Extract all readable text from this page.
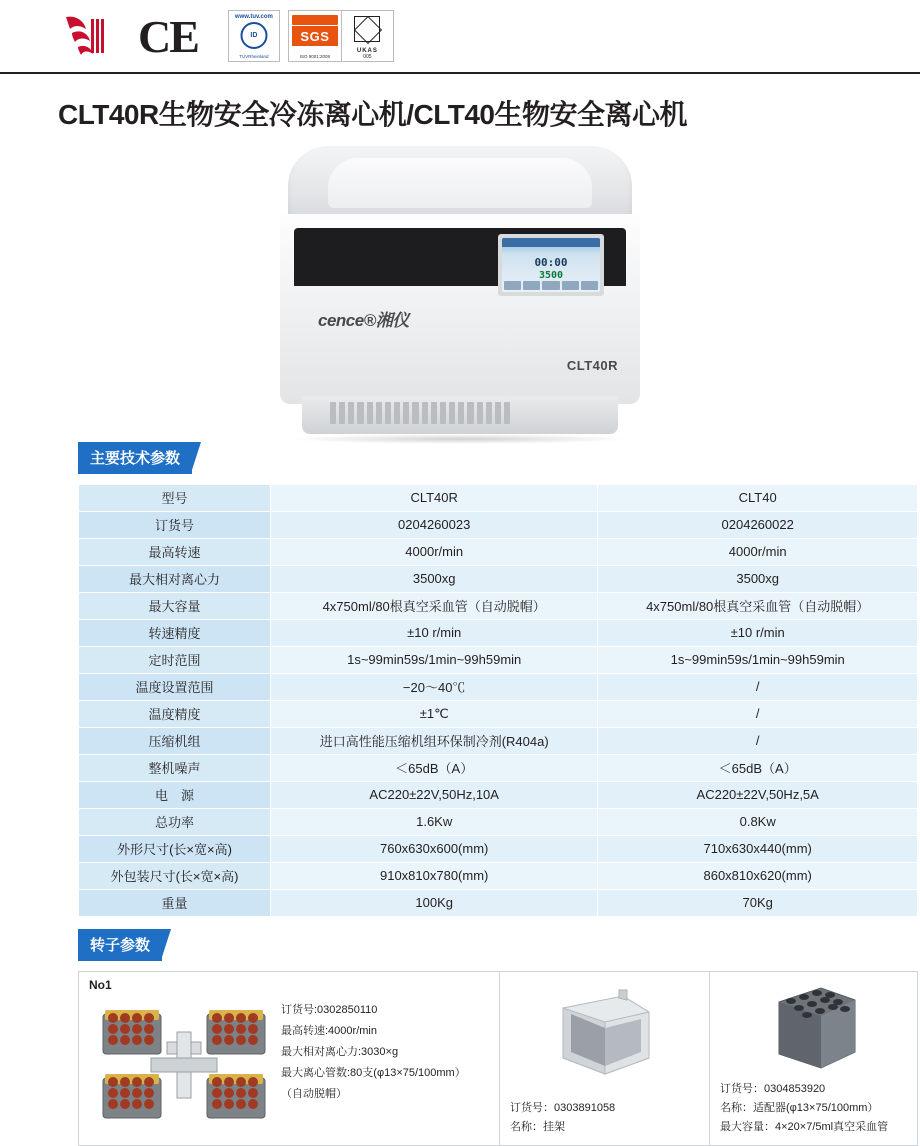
CE	www.tuv.com
ID
TUVRheinland
SGS
ISO 9001:2008
UKAS
005
CLT40R生物安全冷冻离心机/CLT40生物安全离心机
00:00
3500
cence®湘仪
CLT40R
主要技术参数
型号	CLT40R	CLT40
订货号	0204260023	0204260022
最高转速	4000r/min	4000r/min
最大相对离心力	3500xg	3500xg
最大容量	4x750ml/80根真空采血管（自动脱帽）	4x750ml/80根真空采血管（自动脱帽）
转速精度	±10 r/min	±10 r/min
定时范围	1s~99min59s/1min~99h59min	1s~99min59s/1min~99h59min
温度设置范围	−20～40℃	/
温度精度	±1℃	/
压缩机组	进口高性能压缩机组环保制冷剂(R404a)	/
整机噪声	＜65dB（A）	＜65dB（A）
电　源	AC220±22V,50Hz,10A	AC220±22V,50Hz,5A
总功率	1.6Kw	0.8Kw
外形尺寸(长×宽×高)	760x630x600(mm)	710x630x440(mm)
外包装尺寸(长×宽×高)	910x810x780(mm)	860x810x620(mm)
重量	100Kg	70Kg
转子参数
No1
订货号:0302850110
最高转速:4000r/min
最大相对离心力:3030×g
最大离心管数:80支(φ13×75/100mm）
（自动脱帽）
订货号：0303891058
名称：挂架
订货号：0304853920
名称：适配器(φ13×75/100mm）
最大容量：4×20×7/5ml真空采血管
